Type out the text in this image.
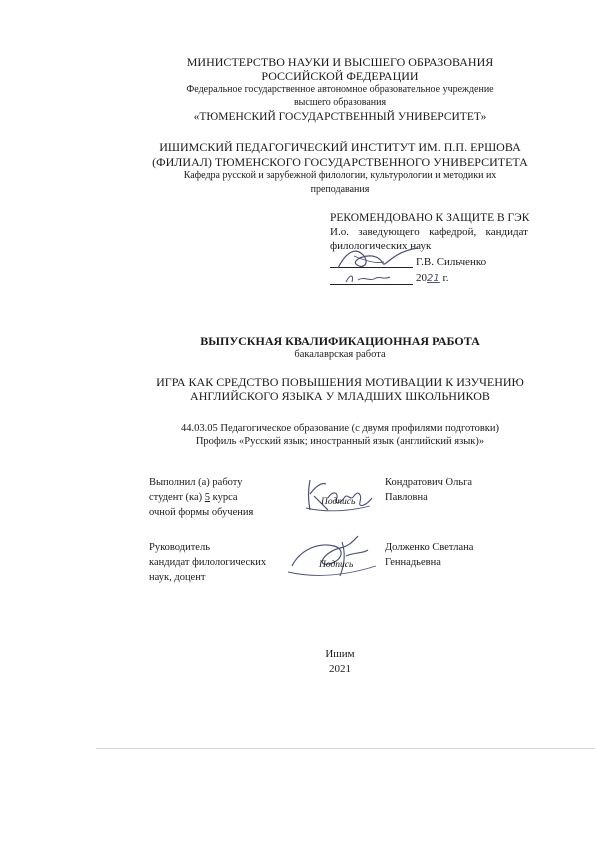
МИНИСТЕРСТВО НАУКИ И ВЫСШЕГО ОБРАЗОВАНИЯ
РОССИЙСКОЙ ФЕДЕРАЦИИ
Федеральное государственное автономное образовательное учреждение
высшего образования
«ТЮМЕНСКИЙ ГОСУДАРСТВЕННЫЙ УНИВЕРСИТЕТ»
ИШИМСКИЙ ПЕДАГОГИЧЕСКИЙ ИНСТИТУТ ИМ. П.П. ЕРШОВА
(ФИЛИАЛ) ТЮМЕНСКОГО ГОСУДАРСТВЕННОГО УНИВЕРСИТЕТА
Кафедра русской и зарубежной филологии, культурологии и методики их
преподавания
РЕКОМЕНДОВАНО К ЗАЩИТЕ В ГЭК
И.о. заведующего кафедрой, кандидат
филологических наук
Г.В. Сильченко
2021 г.
ВЫПУСКНАЯ КВАЛИФИКАЦИОННАЯ РАБОТА
бакалаврская работа
ИГРА КАК СРЕДСТВО ПОВЫШЕНИЯ МОТИВАЦИИ К ИЗУЧЕНИЮ
АНГЛИЙСКОГО ЯЗЫКА У МЛАДШИХ ШКОЛЬНИКОВ
44.03.05 Педагогическое образование (с двумя профилями подготовки)
Профиль «Русский язык; иностранный язык (английский язык)»
Выполнил (а) работу
студент (ка) 5 курса
очной формы обучения
Подпись
Кондратович Ольга
Павловна
Руководитель
кандидат филологических
наук, доцент
Подпись
Долженко Светлана
Геннадьевна
Ишим
2021
